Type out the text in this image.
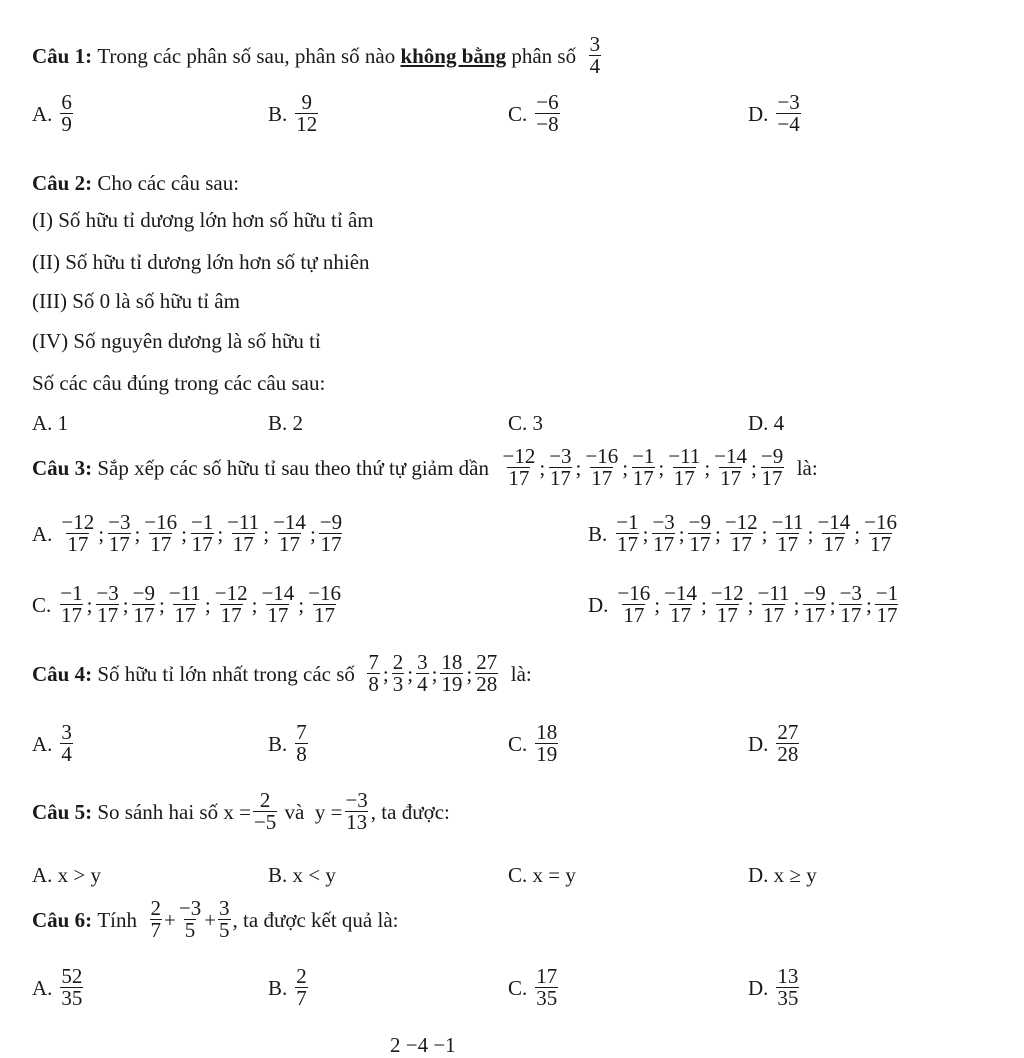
Câu 1:
Trong các phân số sau, phân số nào
không bằng
phân số
3
4
A. 6
9	B. 9
12	C. −6
−8	D. −3
−4
Câu 2: Cho các câu sau:
(I) Số hữu tỉ dương lớn hơn số hữu tỉ âm
(II) Số hữu tỉ dương lớn hơn số tự nhiên
(III) Số 0 là số hữu tỉ âm
(IV) Số nguyên dương là số hữu tỉ
Số các câu đúng trong các câu sau:
A. 1	B. 2	C. 3	D. 4
Câu 3:
Sắp xếp các số hữu tỉ sau theo thứ tự giảm dần
−12
17 ; −3
17 ; −16
17 ; −1
17 ; −11
17 ; −14
17 ; −9
17
là:
A. −12
17 ; −3
17 ; −16
17 ; −1
17 ; −11
17 ; −14
17 ; −9
17	B. −1
17 ; −3
17 ; −9
17 ; −12
17 ; −11
17 ; −14
17 ; −16
17
C. −1
17 ; −3
17 ; −9
17 ; −11
17 ; −12
17 ; −14
17 ; −16
17	D. −16
17 ; −14
17 ; −12
17 ; −11
17 ; −9
17 ; −3
17 ; −1
17
Câu 4:
Số hữu tỉ lớn nhất trong các số
7
8 ; 2
3 ; 3
4 ; 18
19 ; 27
28
là:
A. 3
4	B. 7
8	C. 18
19	D. 27
28
Câu 5:
So sánh hai số
$x = \frac{2}{-5}$
và
$y = \frac{-3}{13}$ , ta được:
A. x > y	B. x < y	C. x = y	D. x ≥ y
Câu 6:
Tính
2
$7 + \frac{-3}{5} + \frac{3}{5}$ , ta được kết quả là:
A. 52
35	B. 2
7	C. 17
35	D. 13
35
2 −4 −1
